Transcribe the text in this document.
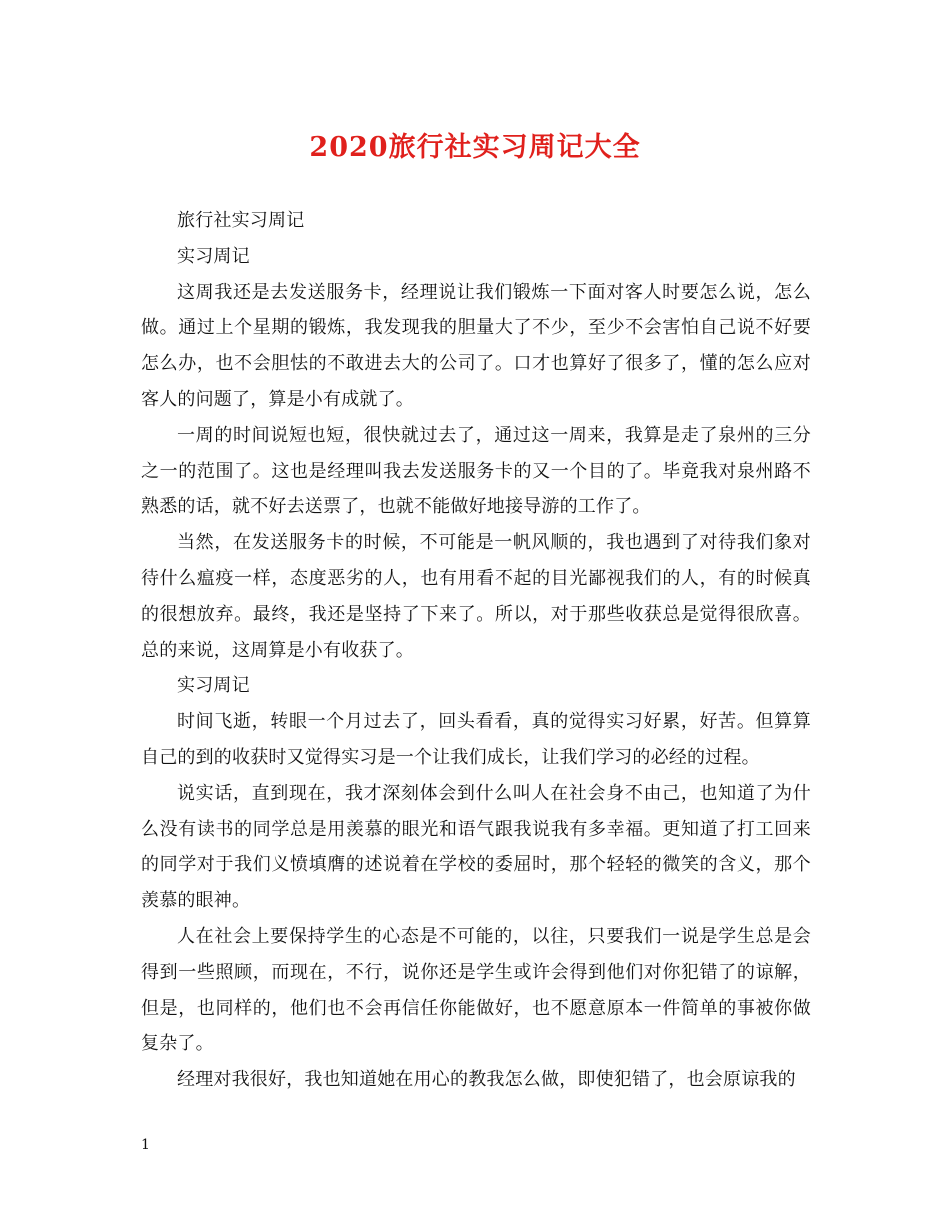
2020旅行社实习周记大全

旅行社实习周记

实习周记

这周我还是去发送服务卡，经理说让我们锻炼一下面对客人时要怎么说，怎么做。通过上个星期的锻炼，我发现我的胆量大了不少，至少不会害怕自己说不好要怎么办，也不会胆怯的不敢进去大的公司了。口才也算好了很多了，懂的怎么应对客人的问题了，算是小有成就了。

一周的时间说短也短，很快就过去了，通过这一周来，我算是走了泉州的三分之一的范围了。这也是经理叫我去发送服务卡的又一个目的了。毕竟我对泉州路不熟悉的话，就不好去送票了，也就不能做好地接导游的工作了。

当然，在发送服务卡的时候，不可能是一帆风顺的，我也遇到了对待我们象对待什么瘟疫一样，态度恶劣的人，也有用看不起的目光鄙视我们的人，有的时候真的很想放弃。最终，我还是坚持了下来了。所以，对于那些收获总是觉得很欣喜。总的来说，这周算是小有收获了。

实习周记

时间飞逝，转眼一个月过去了，回头看看，真的觉得实习好累，好苦。但算算自己的到的收获时又觉得实习是一个让我们成长，让我们学习的必经的过程。

说实话，直到现在，我才深刻体会到什么叫人在社会身不由己，也知道了为什么没有读书的同学总是用羡慕的眼光和语气跟我说我有多幸福。更知道了打工回来的同学对于我们义愤填膺的述说着在学校的委屈时，那个轻轻的微笑的含义，那个羡慕的眼神。

人在社会上要保持学生的心态是不可能的，以往，只要我们一说是学生总是会得到一些照顾，而现在，不行，说你还是学生或许会得到他们对你犯错了的谅解，但是，也同样的，他们也不会再信任你能做好，也不愿意原本一件简单的事被你做复杂了。

经理对我很好，我也知道她在用心的教我怎么做，即使犯错了，也会原谅我的

1
